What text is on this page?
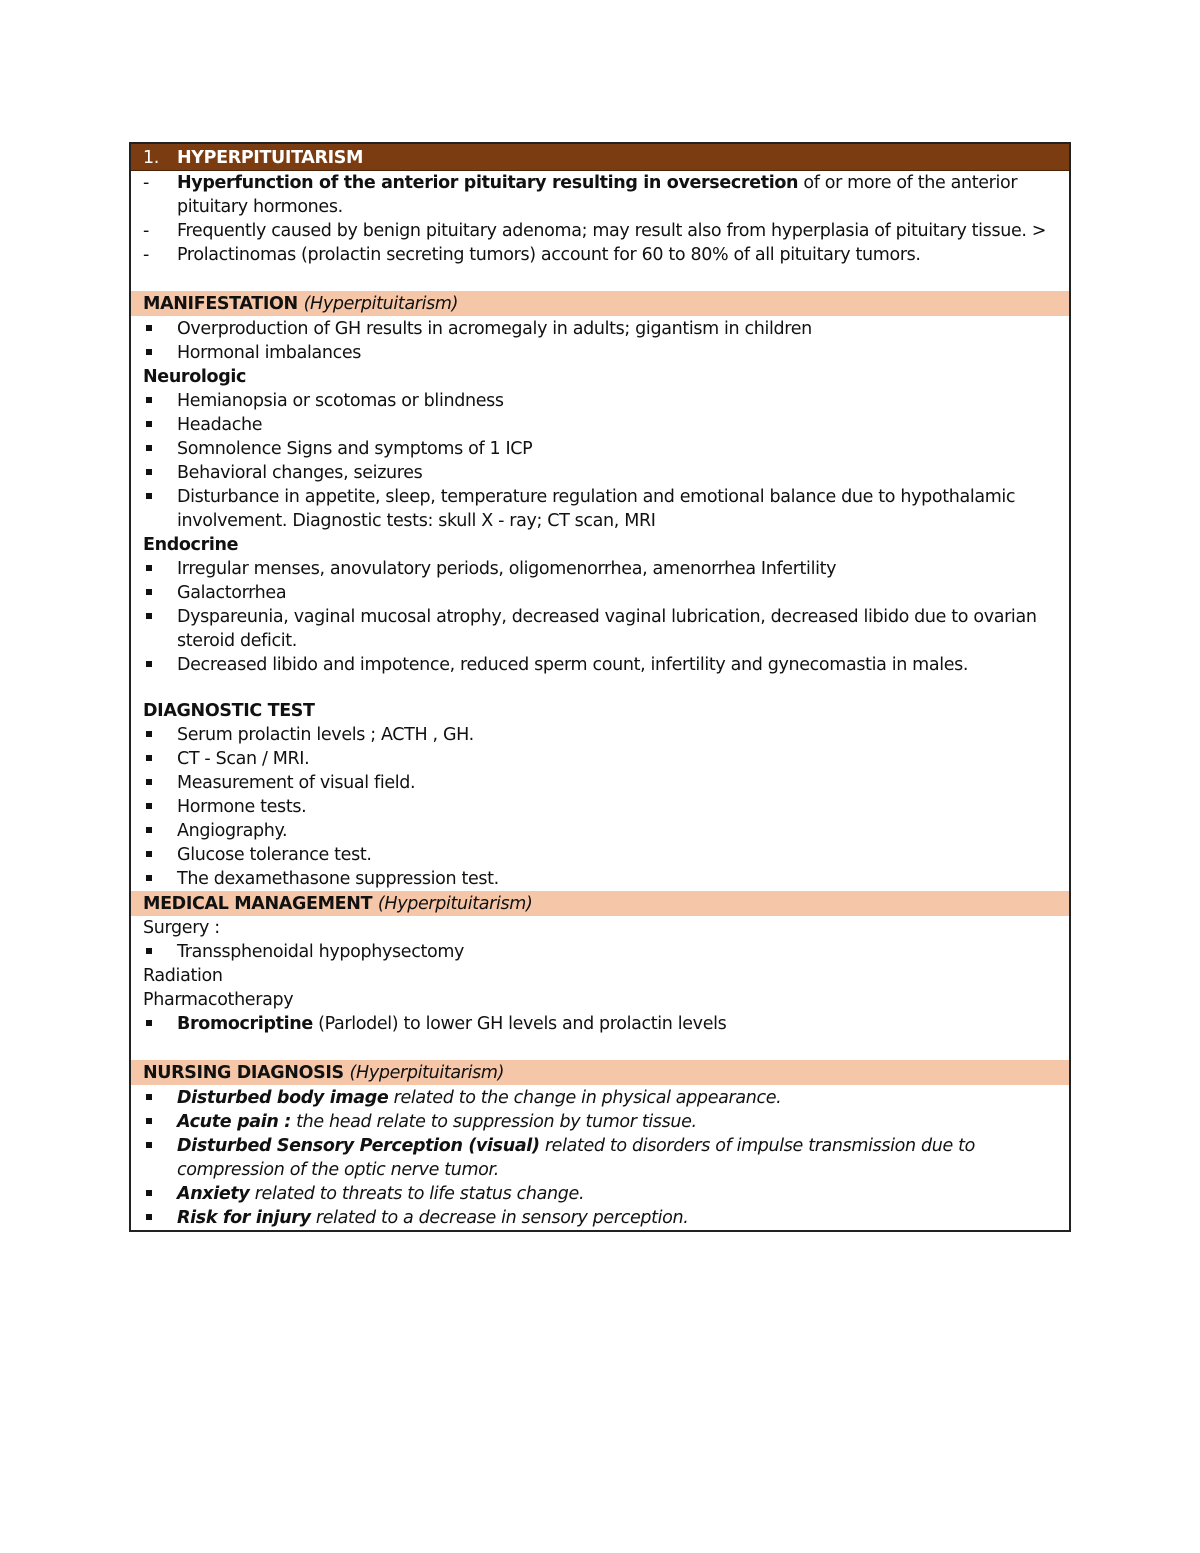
1. HYPERPITUITARISM
-	Hyperfunction of the anterior pituitary resulting in oversecretion of or more of the anterior pituitary hormones.
-	Frequently caused by benign pituitary adenoma; may result also from hyperplasia of pituitary tissue. >
-	Prolactinomas (prolactin secreting tumors) account for 60 to 80% of all pituitary tumors.
MANIFESTATION (Hyperpituitarism)
Overproduction of GH results in acromegaly in adults; gigantism in children
Hormonal imbalances
Neurologic
Hemianopsia or scotomas or blindness
Headache
Somnolence Signs and symptoms of 1 ICP
Behavioral changes, seizures
Disturbance in appetite, sleep, temperature regulation and emotional balance due to hypothalamic involvement. Diagnostic tests: skull X - ray; CT scan, MRI
Endocrine
Irregular menses, anovulatory periods, oligomenorrhea, amenorrhea Infertility
Galactorrhea
Dyspareunia, vaginal mucosal atrophy, decreased vaginal lubrication, decreased libido due to ovarian steroid deficit.
Decreased libido and impotence, reduced sperm count, infertility and gynecomastia in males.
DIAGNOSTIC TEST
Serum prolactin levels ; ACTH , GH.
CT - Scan / MRI.
Measurement of visual field.
Hormone tests.
Angiography.
Glucose tolerance test.
The dexamethasone suppression test.
MEDICAL MANAGEMENT (Hyperpituitarism)
Surgery :
Transsphenoidal hypophysectomy
Radiation
Pharmacotherapy
Bromocriptine (Parlodel) to lower GH levels and prolactin levels
NURSING DIAGNOSIS (Hyperpituitarism)
Disturbed body image related to the change in physical appearance.
Acute pain : the head relate to suppression by tumor tissue.
Disturbed Sensory Perception (visual) related to disorders of impulse transmission due to compression of the optic nerve tumor.
Anxiety related to threats to life status change.
Risk for injury related to a decrease in sensory perception.
